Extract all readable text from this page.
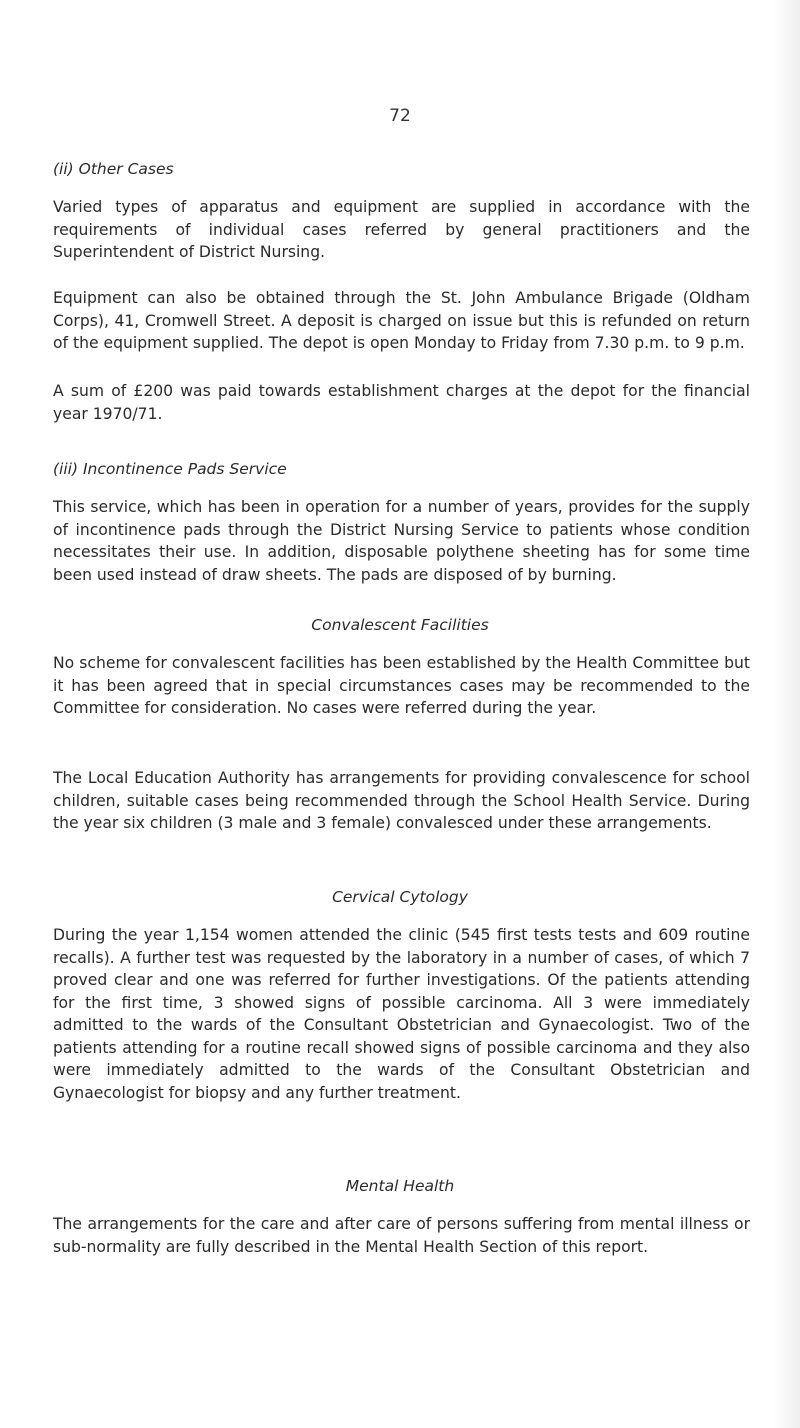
72
(ii) Other Cases

Varied types of apparatus and equipment are supplied in accordance with the requirements of individual cases referred by general practitioners and the Superintendent of District Nursing.

Equipment can also be obtained through the St. John Ambulance Brigade (Oldham Corps), 41, Cromwell Street. A deposit is charged on issue but this is refunded on return of the equipment supplied. The depot is open Monday to Friday from 7.30 p.m. to 9 p.m.

A sum of £200 was paid towards establishment charges at the depot for the financial year 1970/71.

(iii) Incontinence Pads Service

This service, which has been in operation for a number of years, provides for the supply of incontinence pads through the District Nursing Service to patients whose condition necessitates their use. In addition, disposable polythene sheeting has for some time been used instead of draw sheets. The pads are disposed of by burning.

Convalescent Facilities

No scheme for convalescent facilities has been established by the Health Committee but it has been agreed that in special circumstances cases may be recommended to the Committee for consideration. No cases were referred during the year.

The Local Education Authority has arrangements for providing convalescence for school children, suitable cases being recommended through the School Health Service. During the year six children (3 male and 3 female) convalesced under these arrangements.

Cervical Cytology

During the year 1,154 women attended the clinic (545 first tests tests and 609 routine recalls). A further test was requested by the laboratory in a number of cases, of which 7 proved clear and one was referred for further investigations. Of the patients attending for the first time, 3 showed signs of possible carcinoma. All 3 were immediately admitted to the wards of the Consultant Obstetrician and Gynaecologist. Two of the patients attending for a routine recall showed signs of possible carcinoma and they also were immediately admitted to the wards of the Consultant Obstetrician and Gynaecologist for biopsy and any further treatment.

Mental Health

The arrangements for the care and after care of persons suffering from mental illness or sub-normality are fully described in the Mental Health Section of this report.
